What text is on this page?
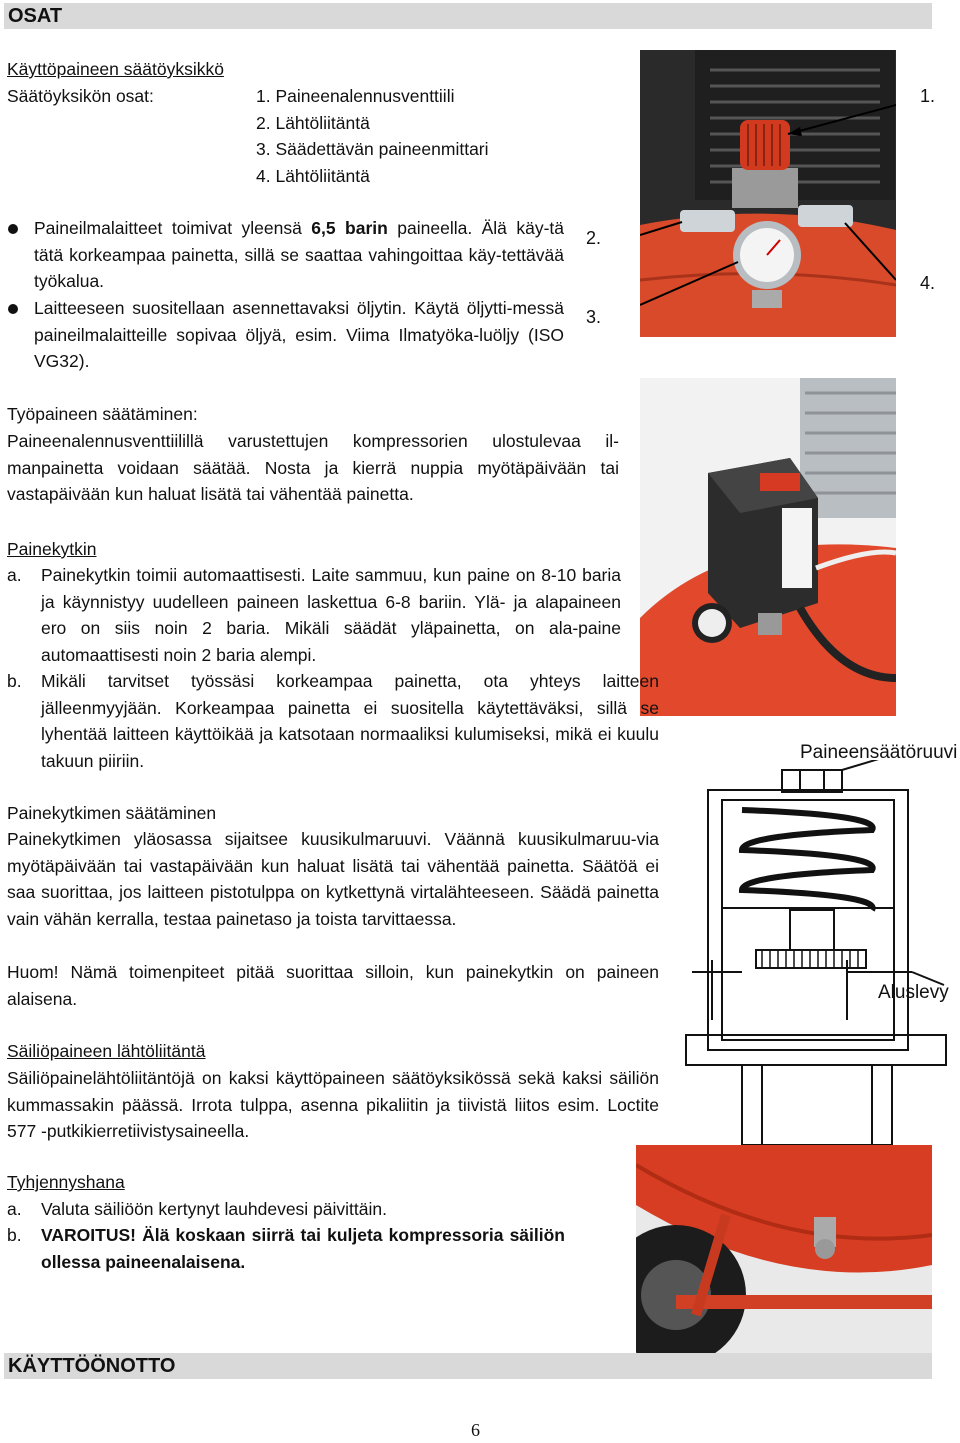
OSAT
Käyttöpaineen säätöyksikkö
Säätöyksikön osat:	1. Paineenalennusventtiili
2. Lähtöliitäntä
3. Säädettävän paineenmittari
4. Lähtöliitäntä
Paineilmalaitteet toimivat yleensä 6,5 barin paineella. Älä käy-tä tätä korkeampaa painetta, sillä se saattaa vahingoittaa käy-tettävää työkalua.
Laitteeseen suositellaan asennettavaksi öljytin. Käytä öljytti-messä paineilmalaitteille sopivaa öljyä, esim. Viima Ilmatyöka-luöljy (ISO VG32).
1.
2.
3.
4.
Työpaineen säätäminen:
Paineenalennusventtiilillä varustettujen kompressorien ulostulevaa il-manpainetta voidaan säätää. Nosta ja kierrä nuppia myötäpäivään tai vastapäivään kun haluat lisätä tai vähentää painetta.
Painekytkin
a. Painekytkin toimii automaattisesti. Laite sammuu, kun paine on 8-10 baria ja käynnistyy uudelleen paineen laskettua 6-8 bariin. Ylä- ja alapaineen ero on siis noin 2 baria. Mikäli säädät yläpainetta, on ala-paine automaattisesti noin 2 baria alempi.
b. Mikäli tarvitset työssäsi korkeampaa painetta, ota yhteys laitteen jälleenmyyjään. Korkeampaa painetta ei suositella käytettäväksi, sillä se lyhentää laitteen käyttöikää ja katsotaan normaaliksi kulumiseksi, mikä ei kuulu takuun piiriin.
Painekytkimen säätäminen
Painekytkimen yläosassa sijaitsee kuusikulmaruuvi. Väännä kuusikulmaruu-via myötäpäivään tai vastapäivään kun haluat lisätä tai vähentää painetta. Säätöä ei saa suorittaa, jos laitteen pistotulppa on kytkettynä virtalähteeseen. Säädä painetta vain vähän kerralla, testaa painetaso ja toista tarvittaessa.
Huom! Nämä toimenpiteet pitää suorittaa silloin, kun painekytkin on paineen alaisena.
Paineensäätöruuvi
Aluslevy
Säiliöpaineen lähtöliitäntä
Säiliöpainelähtöliitäntöjä on kaksi käyttöpaineen säätöyksikössä sekä kaksi säiliön kummassakin päässä. Irrota tulppa, asenna pikaliitin ja tiivistä liitos esim. Loctite 577 -putkikierretiivistysaineella.
Tyhjennyshana
a. Valuta säiliöön kertynyt lauhdevesi päivittäin.
b. VAROITUS! Älä koskaan siirrä tai kuljeta kompressoria säiliön ollessa paineenalaisena.
KÄYTTÖÖNOTTO
6
